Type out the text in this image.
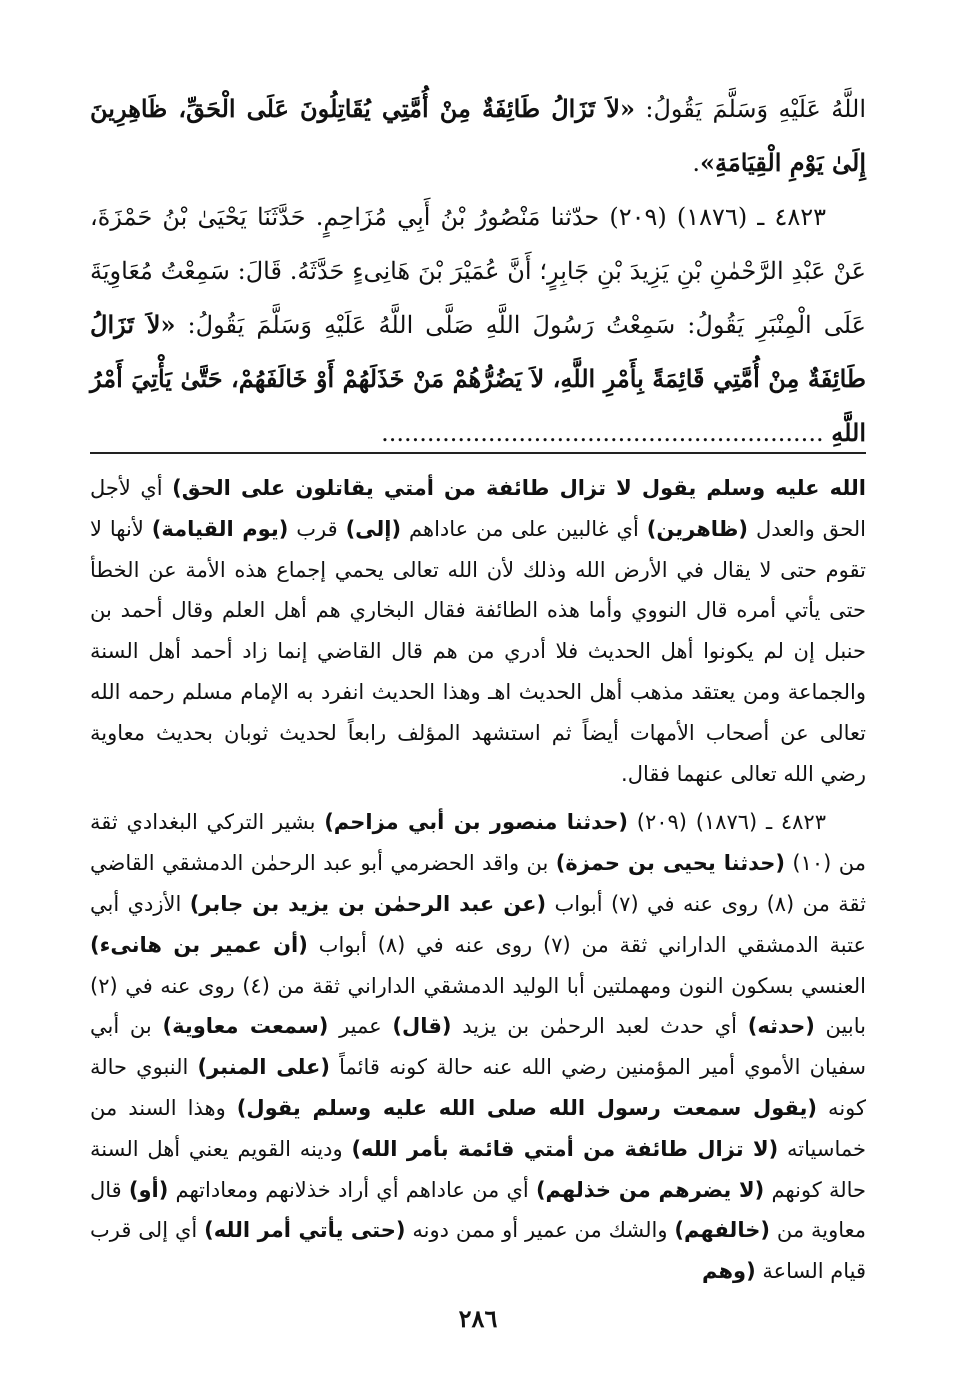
اللَّهُ عَلَيْهِ وَسَلَّمَ يَقُولُ: «لاَ تَزَالُ طَائِفَةٌ مِنْ أُمَّتِي يُقَاتِلُونَ عَلَى الْحَقِّ، ظَاهِرِينَ إِلَىٰ يَوْمِ الْقِيَامَةِ».

٤٨٢٣ ـ (١٨٧٦) (٢٠٩) حدّثنا مَنْصُورُ بْنُ أَبِي مُزَاحِمٍ. حَدَّثَنَا يَحْيَىٰ بْنُ حَمْزَةَ، عَنْ عَبْدِ الرَّحْمٰنِ بْنِ يَزِيدَ بْنِ جَابِرٍ؛ أَنَّ عُمَيْرَ بْنَ هَانِىءٍ حَدَّثَهُ. قَالَ: سَمِعْتُ مُعَاوِيَةَ عَلَى الْمِنْبَرِ يَقُولُ: سَمِعْتُ رَسُولَ اللَّهِ صَلَّى اللَّهُ عَلَيْهِ وَسَلَّمَ يَقُولُ: «لاَ تَزَالُ طَائِفَةٌ مِنْ أُمَّتِي قَائِمَةً بِأَمْرِ اللَّهِ، لاَ يَضُرُّهُمْ مَنْ خَذَلَهُمْ أَوْ خَالَفَهُمْ، حَتَّىٰ يَأْتِيَ أَمْرُ اللَّهِ ..........................................................

الله عليه وسلم يقول لا تزال طائفة من أمتي يقاتلون على الحق) أي لأجل الحق والعدل (ظاهرين) أي غالبين على من عاداهم (إلى) قرب (يوم القيامة) لأنها لا تقوم حتى لا يقال في الأرض الله وذلك لأن الله تعالى يحمي إجماع هذه الأمة عن الخطأ حتى يأتي أمره قال النووي وأما هذه الطائفة فقال البخاري هم أهل العلم وقال أحمد بن حنبل إن لم يكونوا أهل الحديث فلا أدري من هم قال القاضي إنما زاد أحمد أهل السنة والجماعة ومن يعتقد مذهب أهل الحديث اهـ وهذا الحديث انفرد به الإمام مسلم رحمه الله تعالى عن أصحاب الأمهات أيضاً ثم استشهد المؤلف رابعاً لحديث ثوبان بحديث معاوية رضي الله تعالى عنهما فقال.

٤٨٢٣ ـ (١٨٧٦) (٢٠٩) (حدثنا منصور بن أبي مزاحم) بشير التركي البغدادي ثقة من (١٠) (حدثنا يحيى بن حمزة) بن واقد الحضرمي أبو عبد الرحمٰن الدمشقي القاضي ثقة من (٨) روى عنه في (٧) أبواب (عن عبد الرحمٰن بن يزيد بن جابر) الأزدي أبي عتبة الدمشقي الداراني ثقة من (٧) روى عنه في (٨) أبواب (أن عمير بن هانىء) العنسي بسكون النون ومهملتين أبا الوليد الدمشقي الداراني ثقة من (٤) روى عنه في (٢) بابين (حدثه) أي حدث لعبد الرحمٰن بن يزيد (قال) عمير (سمعت معاوية) بن أبي سفيان الأموي أمير المؤمنين رضي الله عنه حالة كونه قائماً (على المنبر) النبوي حالة كونه (يقول سمعت رسول الله صلى الله عليه وسلم يقول) وهذا السند من خماسياته (لا تزال طائفة من أمتي قائمة بأمر الله) ودينه القويم يعني أهل السنة حالة كونهم (لا يضرهم من خذلهم) أي من عاداهم أي أراد خذلانهم ومعاداتهم (أو) قال معاوية من (خالفهم) والشك من عمير أو ممن دونه (حتى يأتي أمر الله) أي إلى قرب قيام الساعة (وهم

٢٨٦
